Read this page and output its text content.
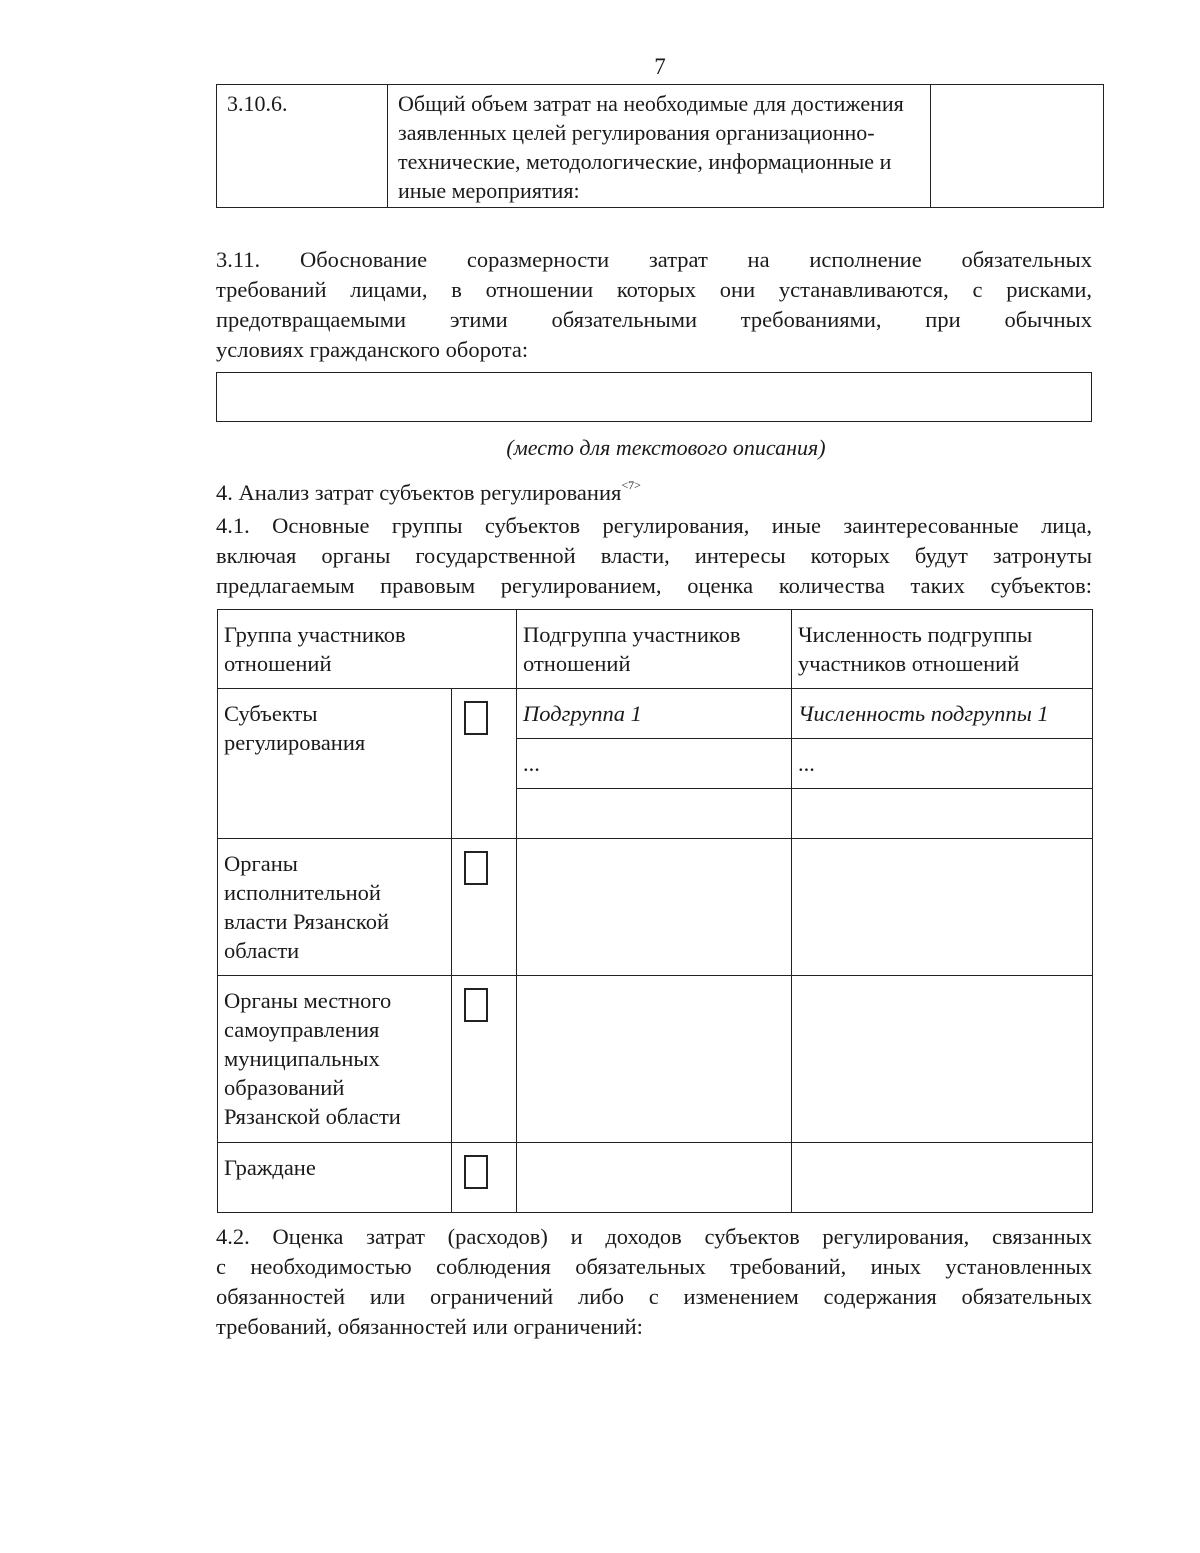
7
3.10.6.	Общий объем затрат на необходимые для достижения заявленных целей регулирования организационно-технические, методологические, информационные и иные мероприятия:	
3.11. Обоснование соразмерности затрат на исполнение обязательных
требований лицами, в отношении которых они устанавливаются, с рисками,
предотвращаемыми этими обязательными требованиями, при обычных
условиях гражданского оборота:
(место для текстового описания)

4. Анализ затрат субъектов регулирования$^{<7>}$

4.1. Основные группы субъектов регулирования, иные заинтересованные лица,
включая органы государственной власти, интересы которых будут затронуты
предлагаемым правовым регулированием, оценка количества таких субъектов:
Группа участников отношений		Подгруппа участников отношений	Численность подгруппы участников отношений
Субъекты регулирования		Подгруппа 1	Численность подгруппы 1
		...	...

Органы исполнительной власти Рязанской области	

Органы местного самоуправления муниципальных образований Рязанской области	

Граждане	

4.2. Оценка затрат (расходов) и доходов субъектов регулирования, связанных
с необходимостью соблюдения обязательных требований, иных установленных
обязанностей или ограничений либо с изменением содержания обязательных
требований, обязанностей или ограничений:
